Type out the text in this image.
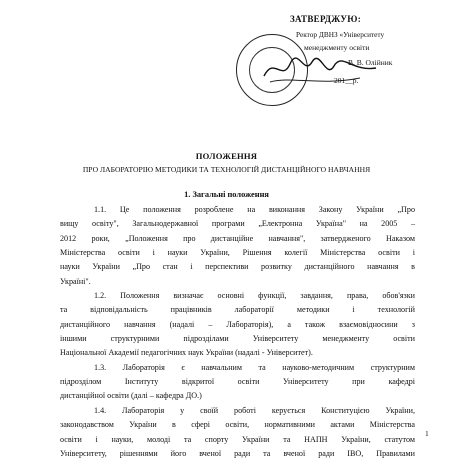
ЗАТВЕРДЖУЮ:
Ректор ДВНЗ «Університету
менеджменту освіти
В. В. Олійник
201__р.
ПОЛОЖЕННЯ
ПРО ЛАБОРАТОРІЮ МЕТОДИКИ ТА ТЕХНОЛОГІЙ ДИСТАНЦІЙНОГО НАВЧАННЯ
1. Загальні положення
1.1. Це положення розроблене на виконання Закону України „Про
вищу освіту", Загальнодержавної програми „Електронна Україна" на 2005 –
2012 роки, „Положення про дистанційне навчання", затвердженого Наказом
Міністерства освіти і науки України, Рішення колегії Міністерства освіти і
науки України „Про стан і перспективи розвитку дистанційного навчання в
Україні".
1.2. Положення визначає основні функції, завдання, права, обов'язки
та відповідальність працівників лабораторії методики і технологій
дистанційного навчання (надалі – Лабораторія), а також взаємовідносини з
іншими структурними підрозділами Університету менеджменту освіти
Національної Академії педагогічних наук України (надалі - Університет).
1.3. Лабораторія є навчальним та науково-методичним структурним
підрозділом Інституту відкритої освіти Університету при кафедрі
дистанційної освіти (далі – кафедра ДО.)
1.4. Лабораторія у своїй роботі керується Конституцією України,
законодавством України в сфері освіти, нормативними актами Міністерства
освіти і науки, молоді та спорту України та НАПН України, статутом
Університету, рішеннями його вченої ради та вченої ради ІВО, Правилами
1
